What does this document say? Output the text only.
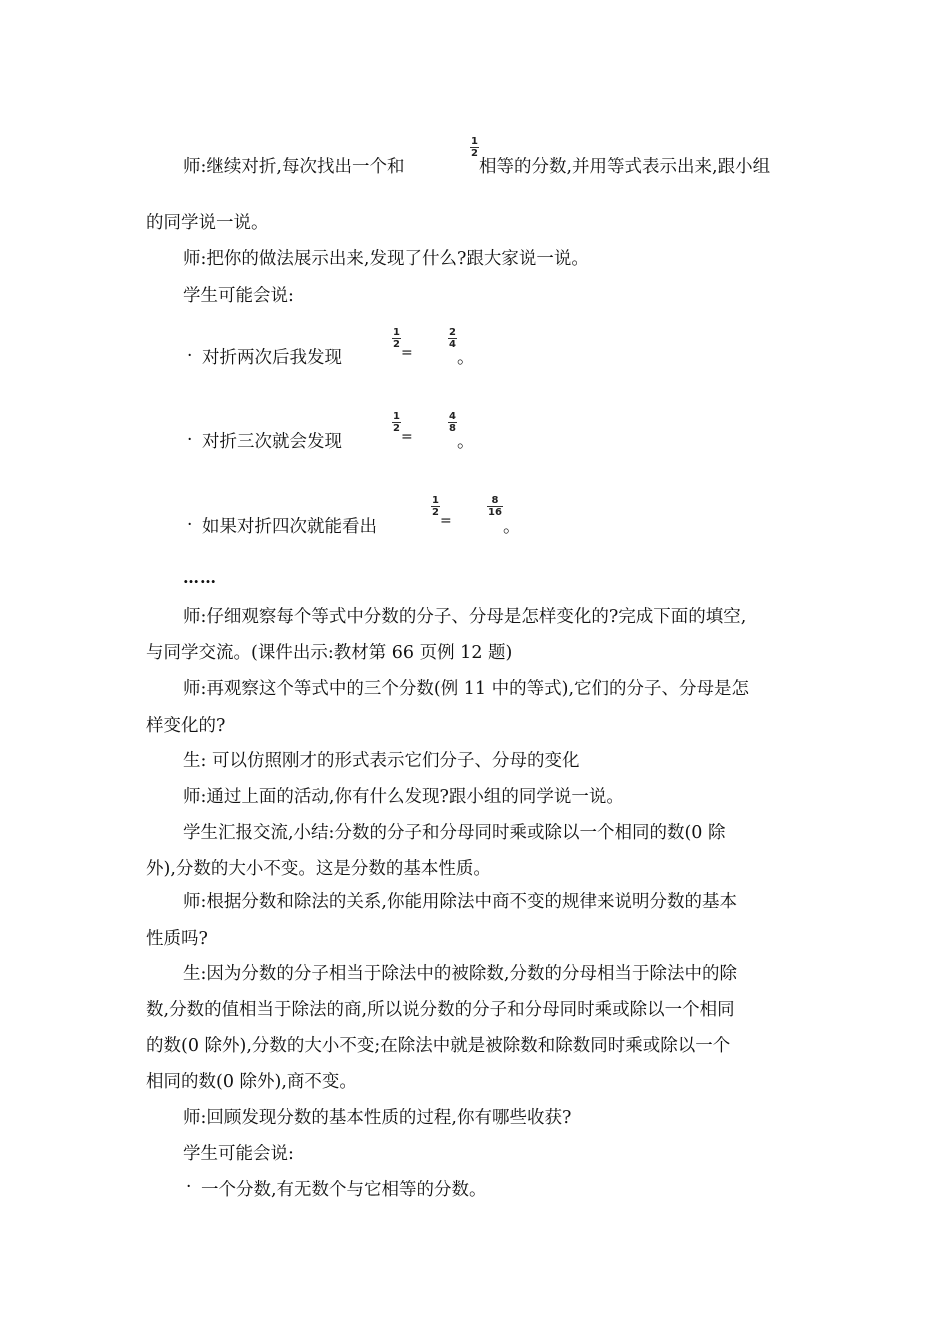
师:继续对折,每次找出一个和
$\frac{1}{2}$
相等的分数,并用等式表示出来,跟小组
的同学说一说。
师:把你的做法展示出来,发现了什么?跟大家说一说。
学生可能会说:
· 对折两次后我发现
$\frac{1}{2}$
=
$\frac{2}{4}$
。
· 对折三次就会发现
$\frac{1}{2}$
=
$\frac{4}{8}$
。
· 如果对折四次就能看出
$\frac{1}{2}$
=
$\frac{8}{16}$
。
……
师:仔细观察每个等式中分数的分子、分母是怎样变化的?完成下面的填空,
与同学交流。(课件出示:教材第 66 页例 12 题)
师:再观察这个等式中的三个分数(例 11 中的等式),它们的分子、分母是怎
样变化的?
生: 可以仿照刚才的形式表示它们分子、分母的变化
师:通过上面的活动,你有什么发现?跟小组的同学说一说。
学生汇报交流,小结:分数的分子和分母同时乘或除以一个相同的数(0 除
外),分数的大小不变。这是分数的基本性质。
师:根据分数和除法的关系,你能用除法中商不变的规律来说明分数的基本
性质吗?
生:因为分数的分子相当于除法中的被除数,分数的分母相当于除法中的除
数,分数的值相当于除法的商,所以说分数的分子和分母同时乘或除以一个相同
的数(0 除外),分数的大小不变;在除法中就是被除数和除数同时乘或除以一个
相同的数(0 除外),商不变。
师:回顾发现分数的基本性质的过程,你有哪些收获?
学生可能会说:
· 一个分数,有无数个与它相等的分数。
